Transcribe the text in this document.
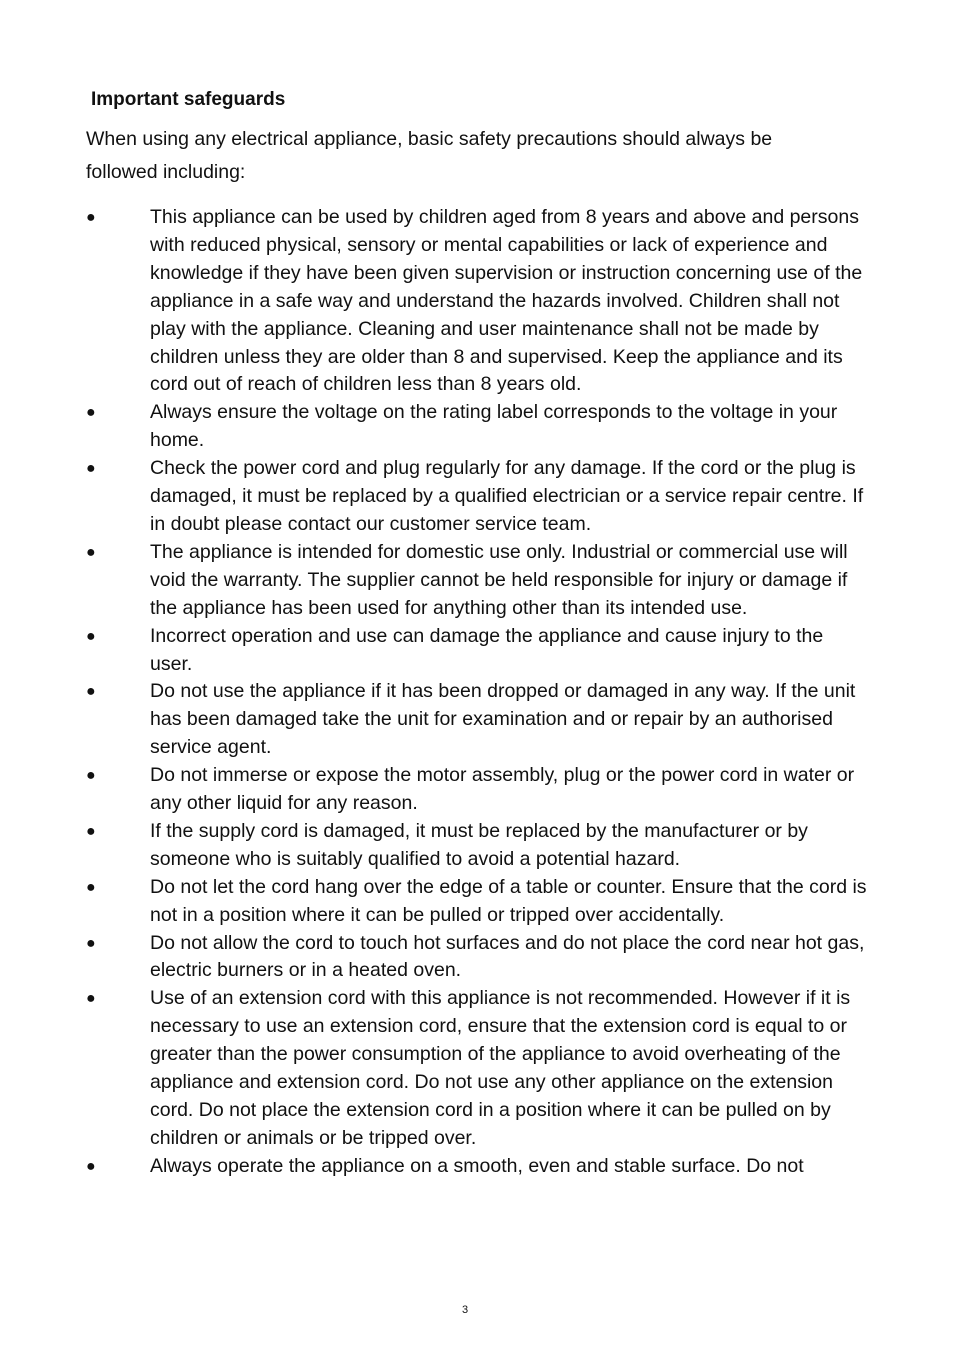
Important safeguards

When using any electrical appliance, basic safety precautions should always be followed including:

●	This appliance can be used by children aged from 8 years and above and persons with reduced physical, sensory or mental capabilities or lack of experience and knowledge if they have been given supervision or instruction concerning use of the appliance in a safe way and understand the hazards involved. Children shall not play with the appliance. Cleaning and user maintenance shall not be made by children unless they are older than 8 and supervised. Keep the appliance and its cord out of reach of children less than 8 years old.
●	Always ensure the voltage on the rating label corresponds to the voltage in your home.
●	Check the power cord and plug regularly for any damage. If the cord or the plug is damaged, it must be replaced by a qualified electrician or a service repair centre. If in doubt please contact our customer service team.
●	The appliance is intended for domestic use only. Industrial or commercial use will void the warranty. The supplier cannot be held responsible for injury or damage if the appliance has been used for anything other than its intended use.
●	Incorrect operation and use can damage the appliance and cause injury to the user.
●	Do not use the appliance if it has been dropped or damaged in any way. If the unit has been damaged take the unit for examination and or repair by an authorised service agent.
●	Do not immerse or expose the motor assembly, plug or the power cord in water or any other liquid for any reason.
●	If the supply cord is damaged, it must be replaced by the manufacturer or by someone who is suitably qualified to avoid a potential hazard.
●	Do not let the cord hang over the edge of a table or counter. Ensure that the cord is not in a position where it can be pulled or tripped over accidentally.
●	Do not allow the cord to touch hot surfaces and do not place the cord near hot gas, electric burners or in a heated oven.
●	Use of an extension cord with this appliance is not recommended. However if it is necessary to use an extension cord, ensure that the extension cord is equal to or greater than the power consumption of the appliance to avoid overheating of the appliance and extension cord. Do not use any other appliance on the extension cord. Do not place the extension cord in a position where it can be pulled on by children or animals or be tripped over.
●	Always operate the appliance on a smooth, even and stable surface. Do not
3
